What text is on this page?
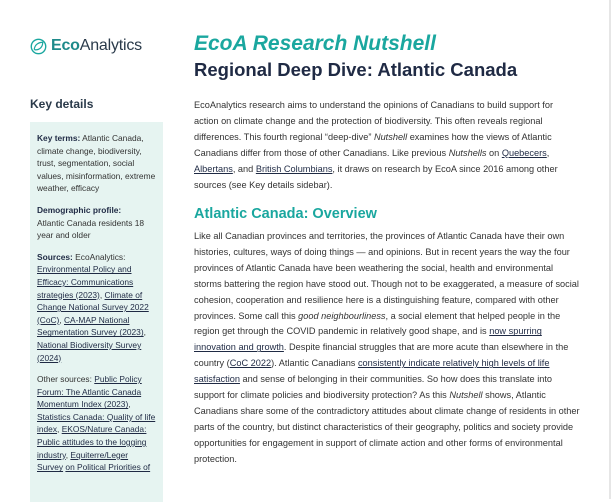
Eco Analytics EcoA Research Nutshell
Regional Deep Dive: Atlantic Canada
Key details
Key terms: Atlantic Canada, climate change, biodiversity, trust, segmentation, social values, misinformation, extreme weather, efficacy
Demographic profile:
Atlantic Canada residents 18 year and older
Sources: EcoAnalytics:
Environmental Policy and Efficacy: Communications strategies (2023), Climate of Change National Survey 2022 (CoC), CA-MAP National Segmentation Survey (2023), National Biodiversity Survey (2024)
Other sources: Public Policy Forum: The Atlantic Canada Momentum Index (2023), Statistics Canada: Quality of life index, EKOS/Nature Canada: Public attitudes to the logging industry, Equiterre/Leger Survey on Political Priorities of
EcoAnalytics research aims to understand the opinions of Canadians to build support for action on climate change and the protection of biodiversity. This often reveals regional differences. This fourth regional “deep-dive” Nutshell examines how the views of Atlantic Canadians differ from those of other Canadians. Like previous Nutshells on Quebecers, Albertans, and British Columbians, it draws on research by EcoA since 2016 among other sources (see Key details sidebar).
Atlantic Canada: Overview
Like all Canadian provinces and territories, the provinces of Atlantic Canada have their own histories, cultures, ways of doing things — and opinions. But in recent years the way the four provinces of Atlantic Canada have been weathering the social, health and environmental storms battering the region have stood out. Though not to be exaggerated, a measure of social cohesion, cooperation and resilience here is a distinguishing feature, compared with other provinces. Some call this good neighbourliness, a social element that helped people in the region get through the COVID pandemic in relatively good shape, and is now spurring innovation and growth. Despite financial struggles that are more acute than elsewhere in the country (CoC 2022). Atlantic Canadians consistently indicate relatively high levels of life satisfaction and sense of belonging in their communities. So how does this translate into support for climate policies and biodiversity protection? As this Nutshell shows, Atlantic Canadians share some of the contradictory attitudes about climate change of residents in other parts of the country, but distinct characteristics of their geography, politics and society provide opportunities for engagement in support of climate action and other forms of environmental protection.
